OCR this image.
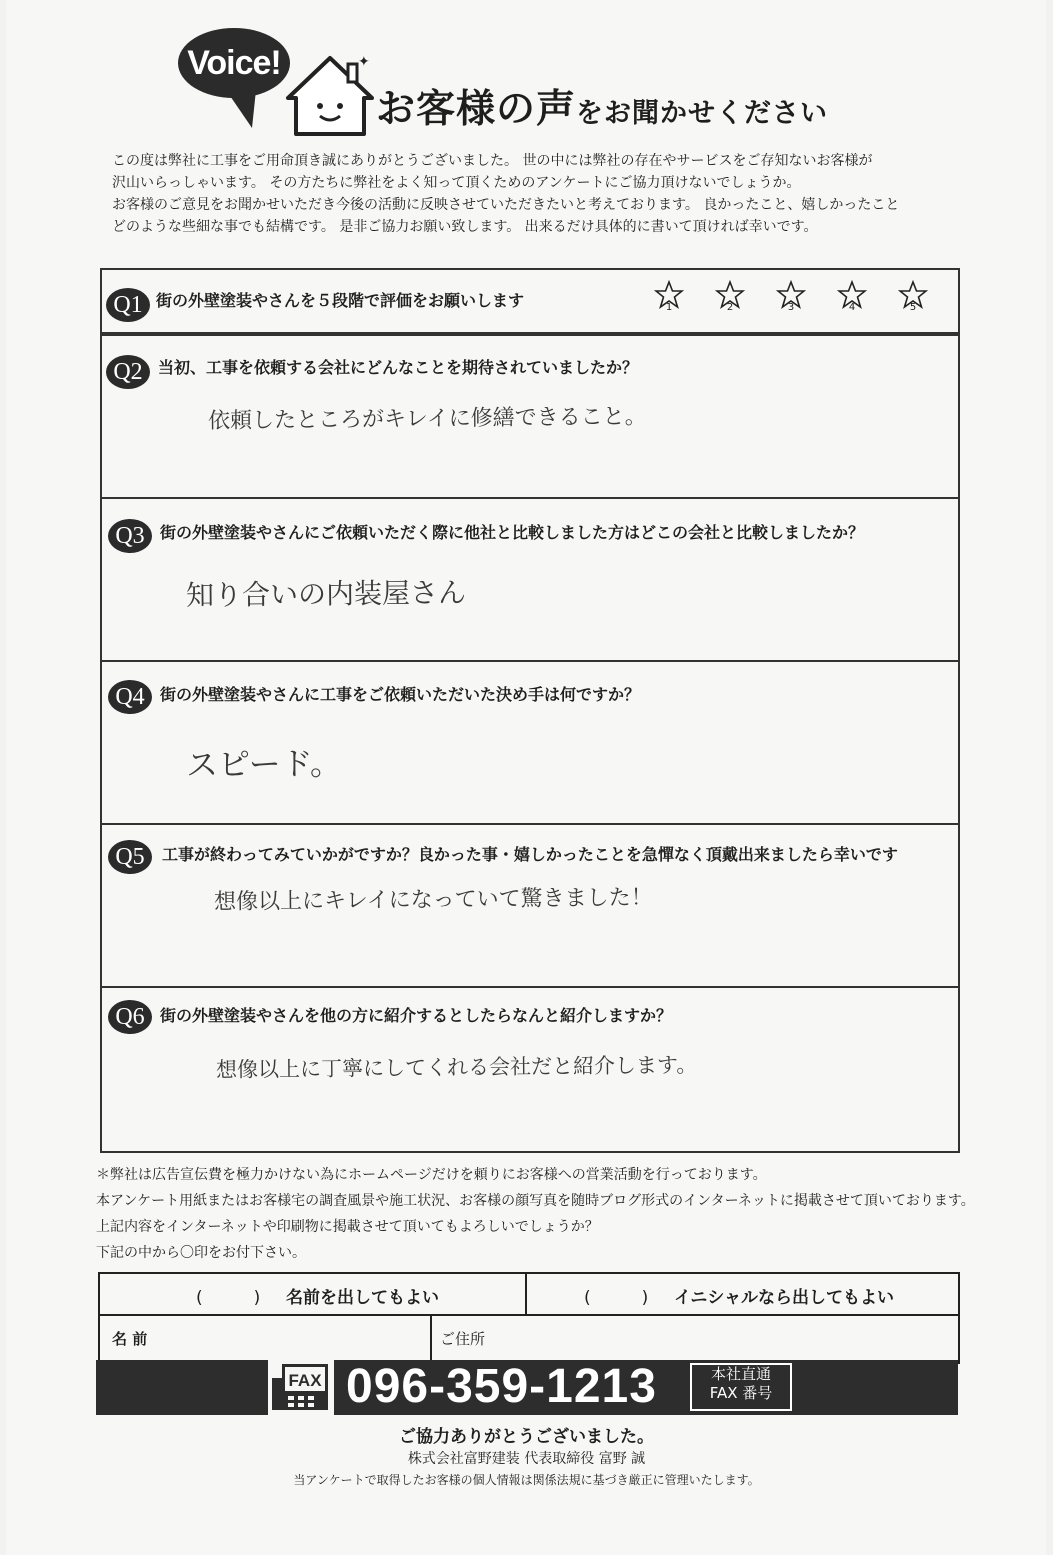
Voice!	✦
お客様の声をお聞かせください

この度は弊社に工事をご用命頂き誠にありがとうございました。 世の中には弊社の存在やサービスをご存知ないお客様が

沢山いらっしゃいます。 その方たちに弊社をよく知って頂くためのアンケートにご協力頂けないでしょうか。

お客様のご意見をお聞かせいただき今後の活動に反映させていただきたいと考えております。 良かったこと、嬉しかったこと

どのような些細な事でも結構です。 是非ご協力お願い致します。 出来るだけ具体的に書いて頂ければ幸いです。

Q1 街の外壁塗装やさんを５段階で評価をお願いします	1	2	3	4	5
Q2 当初、工事を依頼する会社にどんなことを期待されていましたか？
依頼したところがキレイに修繕できること。
Q3 街の外壁塗装やさんにご依頼いただく際に他社と比較しました方はどこの会社と比較しましたか？
知り合いの内装屋さん
Q4 街の外壁塗装やさんに工事をご依頼いただいた決め手は何ですか？
スピード。
Q5 工事が終わってみていかがですか？良かった事・嬉しかったことを急憚なく頂戴出来ましたら幸いです
想像以上にキレイになっていて驚きました！
Q6 街の外壁塗装やさんを他の方に紹介するとしたらなんと紹介しますか？
想像以上に丁寧にしてくれる会社だと紹介します。

＊弊社は広告宣伝費を極力かけない為にホームページだけを頼りにお客様への営業活動を行っております。

本アンケート用紙またはお客様宅の調査風景や施工状況、お客様の顔写真を随時ブログ形式のインターネットに掲載させて頂いております。

上記内容をインターネットや印刷物に掲載させて頂いてもよろしいでしょうか？

下記の中から〇印をお付下さい。

(　　　) 名前を出してもよい	(　　　) イニシャルなら出してもよい
名 前	ご住所
FAX 096-359-1213	本社直通
FAX 番号
ご協力ありがとうございました。
株式会社富野建装 代表取締役 富野 誠
当アンケートで取得したお客様の個人情報は関係法規に基づき厳正に管理いたします。
